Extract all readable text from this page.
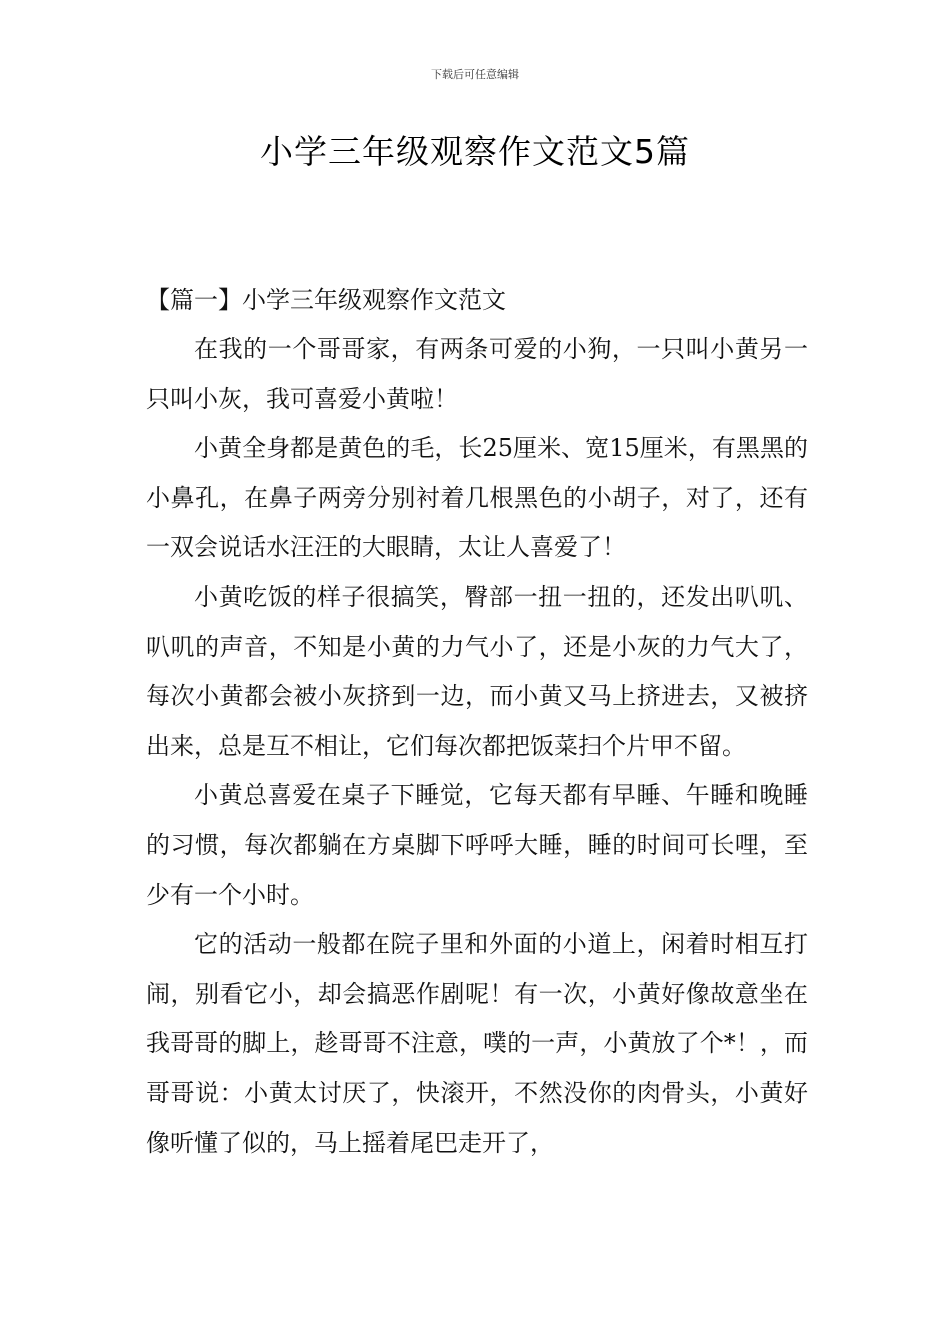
下载后可任意编辑
小学三年级观察作文范文5篇
【篇一】小学三年级观察作文范文

在我的一个哥哥家，有两条可爱的小狗，一只叫小黄另一只叫小灰，我可喜爱小黄啦！

小黄全身都是黄色的毛，长25厘米、宽15厘米，有黑黑的小鼻孔，在鼻子两旁分别衬着几根黑色的小胡子，对了，还有一双会说话水汪汪的大眼睛，太让人喜爱了！

小黄吃饭的样子很搞笑，臀部一扭一扭的，还发出叭叽、叭叽的声音，不知是小黄的力气小了，还是小灰的力气大了，每次小黄都会被小灰挤到一边，而小黄又马上挤进去，又被挤出来，总是互不相让，它们每次都把饭菜扫个片甲不留。

小黄总喜爱在桌子下睡觉，它每天都有早睡、午睡和晚睡的习惯，每次都躺在方桌脚下呼呼大睡，睡的时间可长哩，至少有一个小时。

它的活动一般都在院子里和外面的小道上，闲着时相互打闹，别看它小，却会搞恶作剧呢！有一次，小黄好像故意坐在我哥哥的脚上，趁哥哥不注意，噗的一声，小黄放了个*！，而哥哥说：小黄太讨厌了，快滚开，不然没你的肉骨头，小黄好像听懂了似的，马上摇着尾巴走开了，
